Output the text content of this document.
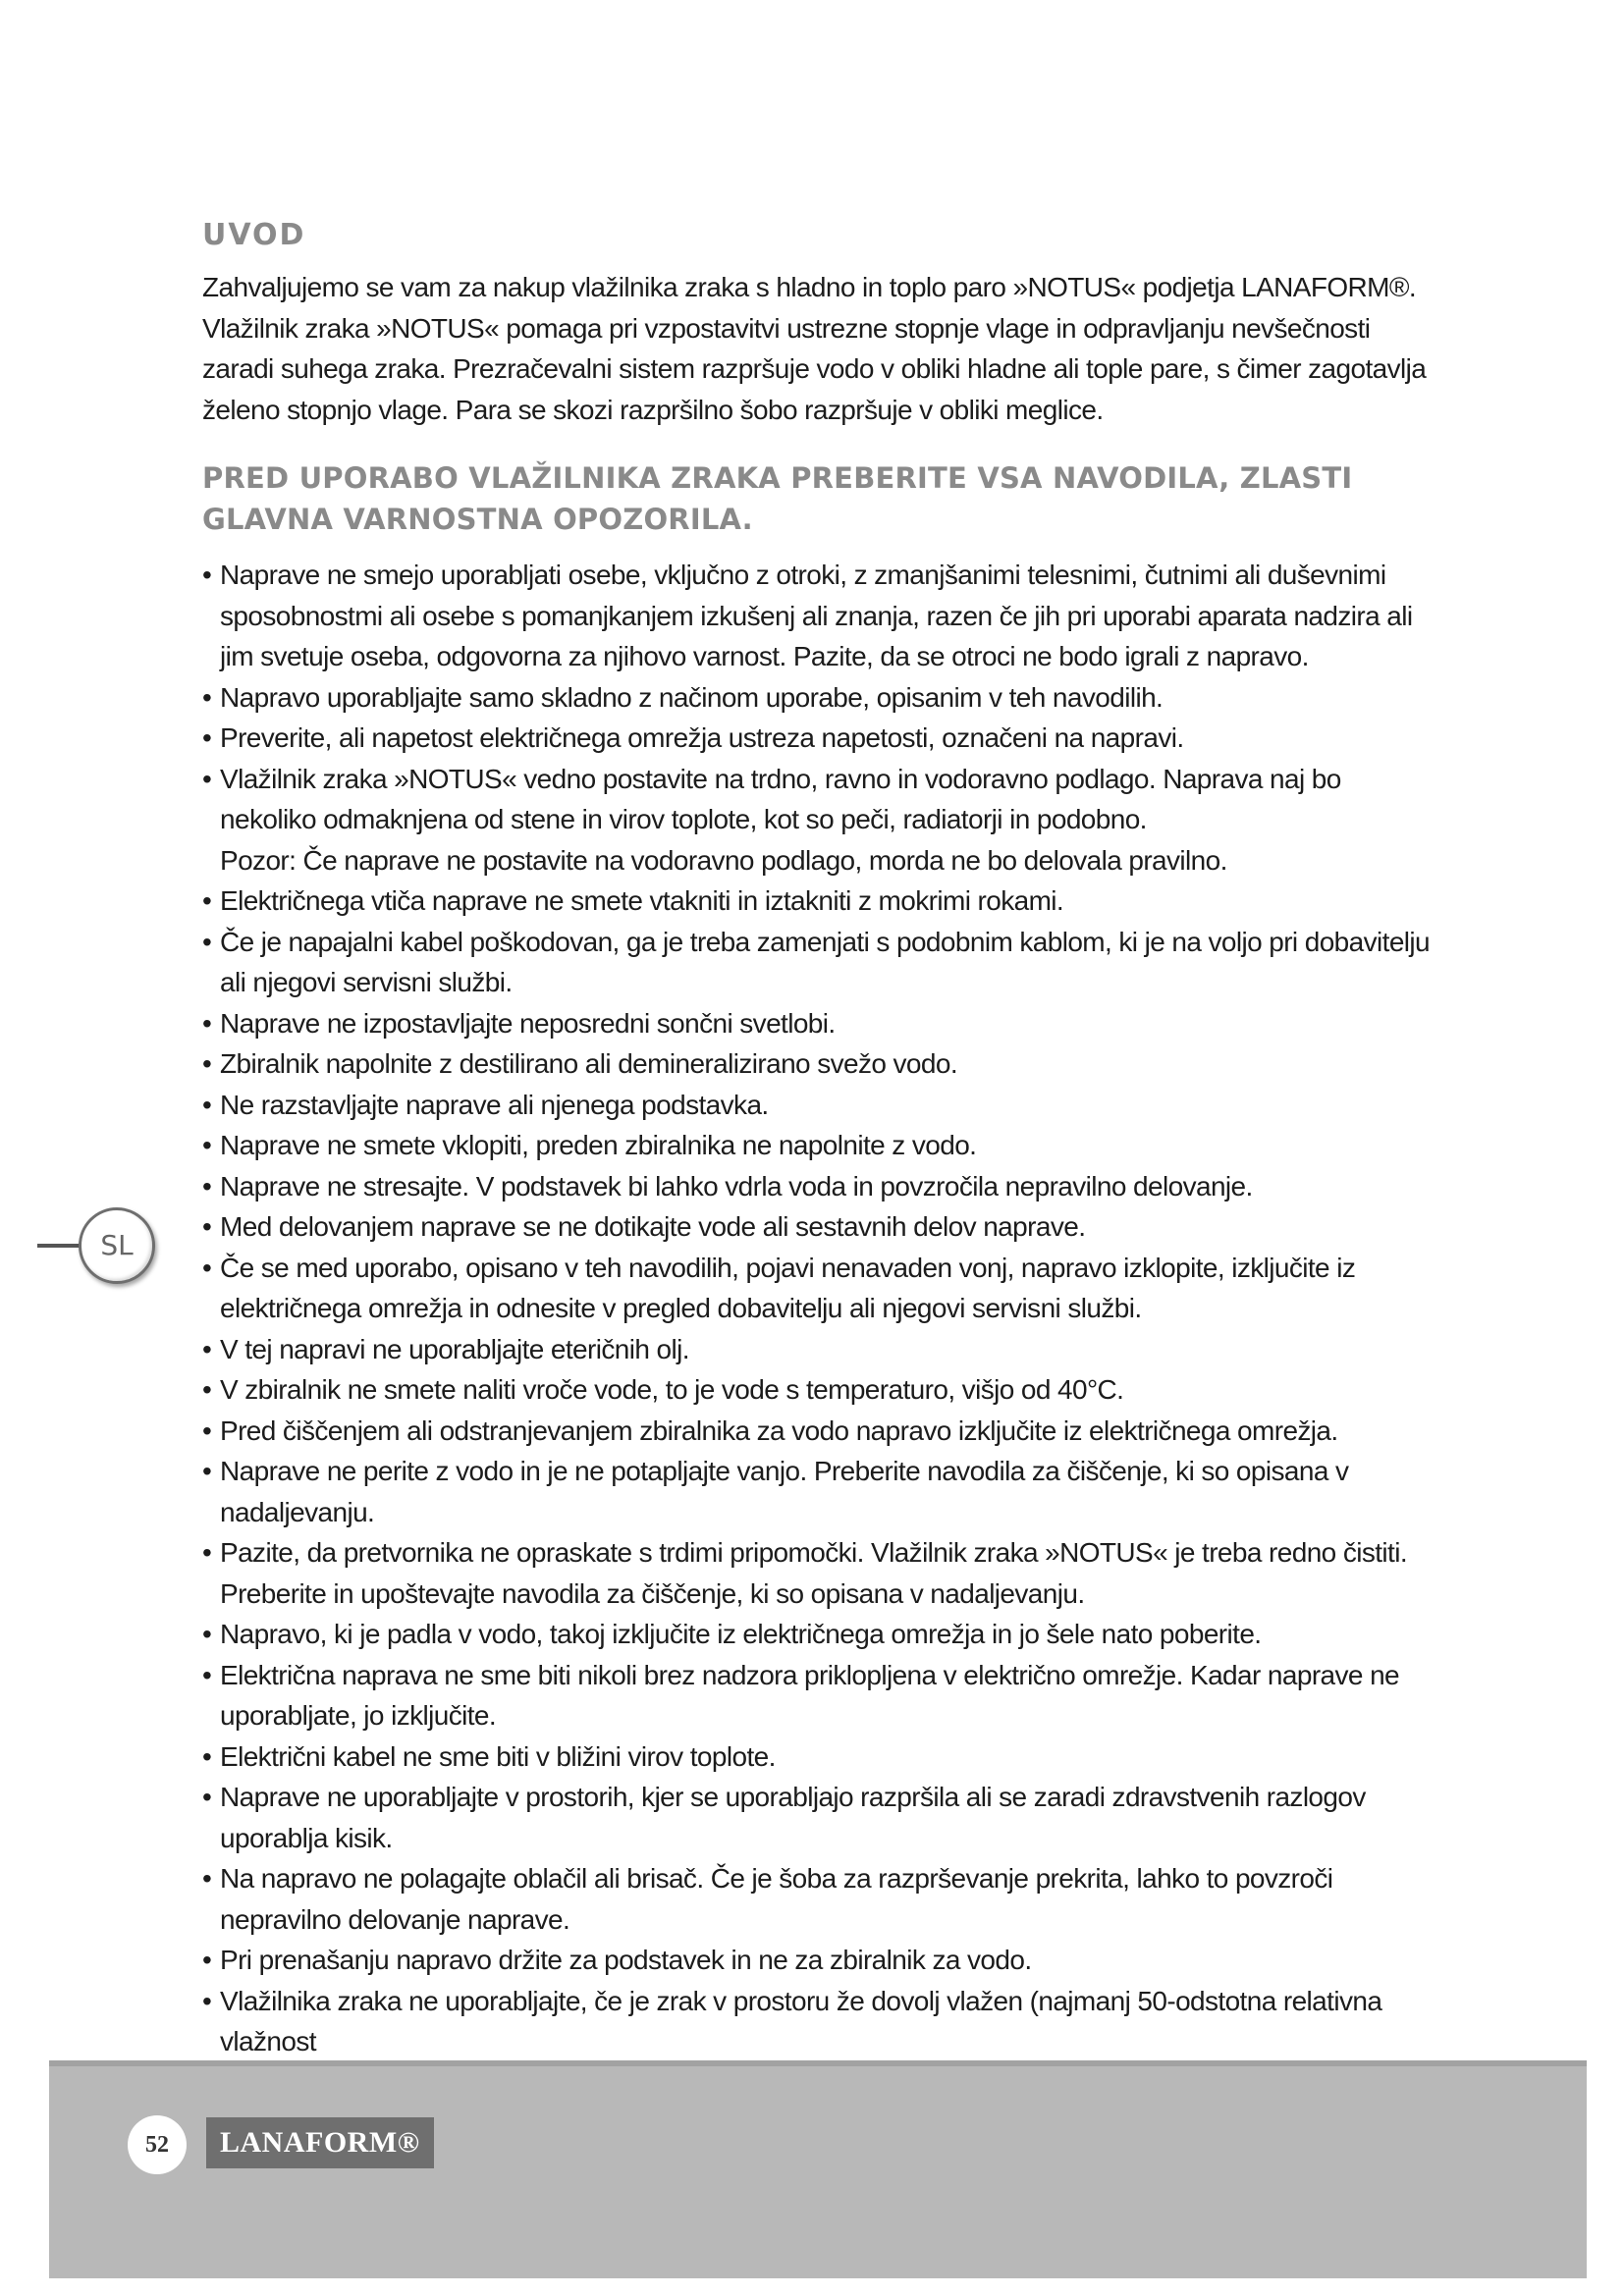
UVOD
Zahvaljujemo se vam za nakup vlažilnika zraka s hladno in toplo paro »NOTUS« podjetja LANAFORM®. Vlažilnik zraka »NOTUS« pomaga pri vzpostavitvi ustrezne stopnje vlage in odpravljanju nevšečnosti zaradi suhega zraka. Prezračevalni sistem razpršuje vodo v obliki hladne ali tople pare, s čimer zagotavlja želeno stopnjo vlage. Para se skozi razpršilno šobo razpršuje v obliki meglice.
PRED UPORABO VLAŽILNIKA ZRAKA PREBERITE VSA NAVODILA, ZLASTI GLAVNA VARNOSTNA OPOZORILA.
• Naprave ne smejo uporabljati osebe, vključno z otroki, z zmanjšanimi telesnimi, čutnimi ali duševnimi sposobnostmi ali osebe s pomanjkanjem izkušenj ali znanja, razen če jih pri uporabi aparata nadzira ali jim svetuje oseba, odgovorna za njihovo varnost. Pazite, da se otroci ne bodo igrali z napravo.
• Napravo uporabljajte samo skladno z načinom uporabe, opisanim v teh navodilih.
• Preverite, ali napetost električnega omrežja ustreza napetosti, označeni na napravi.
• Vlažilnik zraka »NOTUS« vedno postavite na trdno, ravno in vodoravno podlago. Naprava naj bo nekoliko odmaknjena od stene in virov toplote, kot so peči, radiatorji in podobno.
Pozor: Če naprave ne postavite na vodoravno podlago, morda ne bo delovala pravilno.
• Električnega vtiča naprave ne smete vtakniti in iztakniti z mokrimi rokami.
• Če je napajalni kabel poškodovan, ga je treba zamenjati s podobnim kablom, ki je na voljo pri dobavitelju ali njegovi servisni službi.
• Naprave ne izpostavljajte neposredni sončni svetlobi.
• Zbiralnik napolnite z destilirano ali demineralizirano svežo vodo.
• Ne razstavljajte naprave ali njenega podstavka.
• Naprave ne smete vklopiti, preden zbiralnika ne napolnite z vodo.
• Naprave ne stresajte. V podstavek bi lahko vdrla voda in povzročila nepravilno delovanje.
• Med delovanjem naprave se ne dotikajte vode ali sestavnih delov naprave.
• Če se med uporabo, opisano v teh navodilih, pojavi nenavaden vonj, napravo izklopite, izključite iz električnega omrežja in odnesite v pregled dobavitelju ali njegovi servisni službi.
• V tej napravi ne uporabljajte eteričnih olj.
• V zbiralnik ne smete naliti vroče vode, to je vode s temperaturo, višjo od 40°C.
• Pred čiščenjem ali odstranjevanjem zbiralnika za vodo napravo izključite iz električnega omrežja.
• Naprave ne perite z vodo in je ne potapljajte vanjo. Preberite navodila za čiščenje, ki so opisana v nadaljevanju.
• Pazite, da pretvornika ne opraskate s trdimi pripomočki. Vlažilnik zraka »NOTUS« je treba redno čistiti. Preberite in upoštevajte navodila za čiščenje, ki so opisana v nadaljevanju.
• Napravo, ki je padla v vodo, takoj izključite iz električnega omrežja in jo šele nato poberite.
• Električna naprava ne sme biti nikoli brez nadzora priklopljena v električno omrežje. Kadar naprave ne uporabljate, jo izključite.
• Električni kabel ne sme biti v bližini virov toplote.
• Naprave ne uporabljajte v prostorih, kjer se uporabljajo razpršila ali se zaradi zdravstvenih razlogov uporablja kisik.
• Na napravo ne polagajte oblačil ali brisač. Če je šoba za razprševanje prekrita, lahko to povzroči nepravilno delovanje naprave.
• Pri prenašanju napravo držite za podstavek in ne za zbiralnik za vodo.
• Vlažilnika zraka ne uporabljajte, če je zrak v prostoru že dovolj vlažen (najmanj 50-odstotna relativna vlažnost
SL
52	LANAFORM®
